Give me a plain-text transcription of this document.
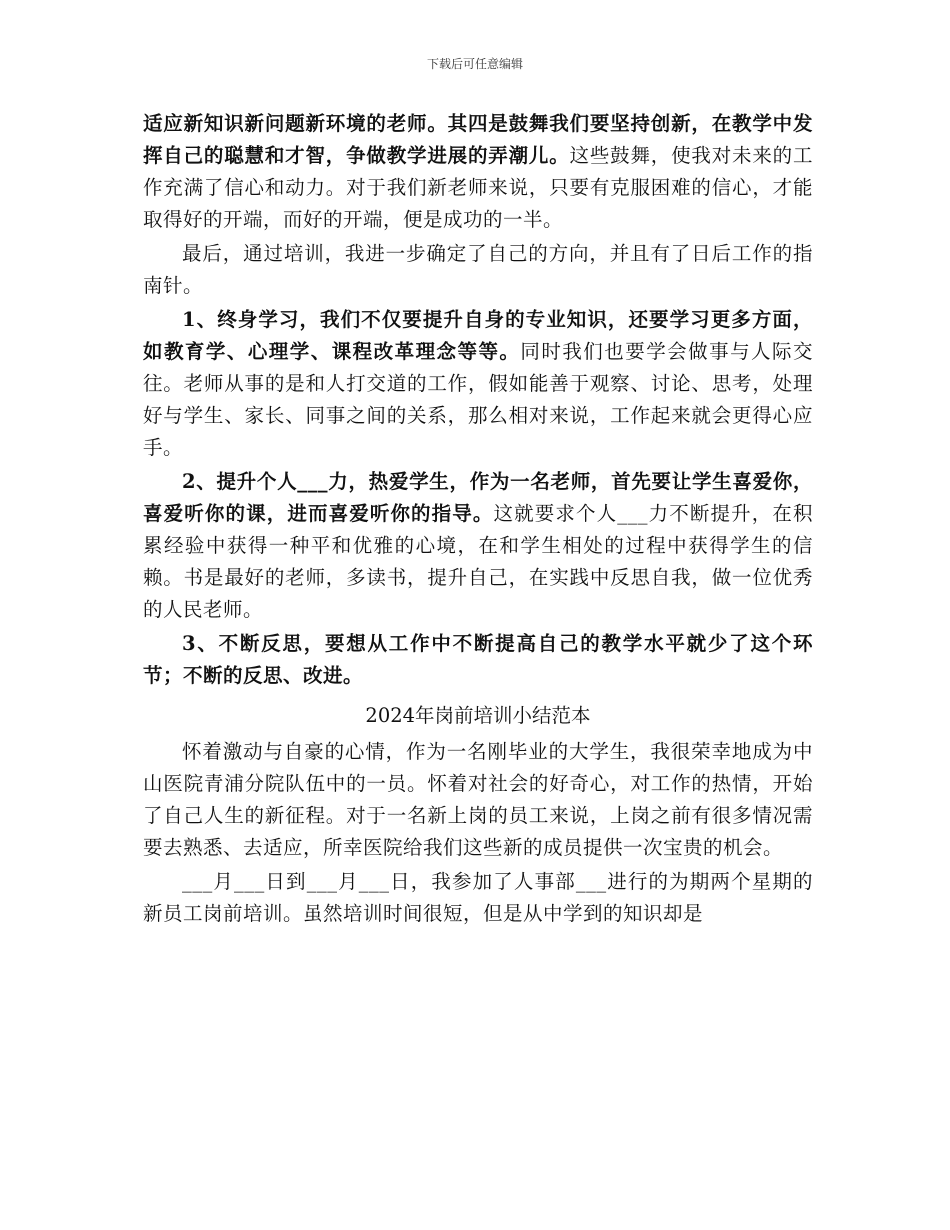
下载后可任意编辑

适应新知识新问题新环境的老师。其四是鼓舞我们要坚持创新，在教学中发挥自己的聪慧和才智，争做教学进展的弄潮儿。这些鼓舞，使我对未来的工作充满了信心和动力。对于我们新老师来说，只要有克服困难的信心，才能取得好的开端，而好的开端，便是成功的一半。

最后，通过培训，我进一步确定了自己的方向，并且有了日后工作的指南针。

1、终身学习，我们不仅要提升自身的专业知识，还要学习更多方面，如教育学、心理学、课程改革理念等等。同时我们也要学会做事与人际交往。老师从事的是和人打交道的工作，假如能善于观察、讨论、思考，处理好与学生、家长、同事之间的关系，那么相对来说，工作起来就会更得心应手。

2、提升个人___力，热爱学生，作为一名老师，首先要让学生喜爱你，喜爱听你的课，进而喜爱听你的指导。这就要求个人___力不断提升，在积累经验中获得一种平和优雅的心境，在和学生相处的过程中获得学生的信赖。书是最好的老师，多读书，提升自己，在实践中反思自我，做一位优秀的人民老师。

3、不断反思，要想从工作中不断提高自己的教学水平就少了这个环节；不断的反思、改进。

2024年岗前培训小结范本

怀着激动与自豪的心情，作为一名刚毕业的大学生，我很荣幸地成为中山医院青浦分院队伍中的一员。怀着对社会的好奇心，对工作的热情，开始了自己人生的新征程。对于一名新上岗的员工来说，上岗之前有很多情况需要去熟悉、去适应，所幸医院给我们这些新的成员提供一次宝贵的机会。

___月___日到___月___日，我参加了人事部___进行的为期两个星期的新员工岗前培训。虽然培训时间很短，但是从中学到的知识却是
